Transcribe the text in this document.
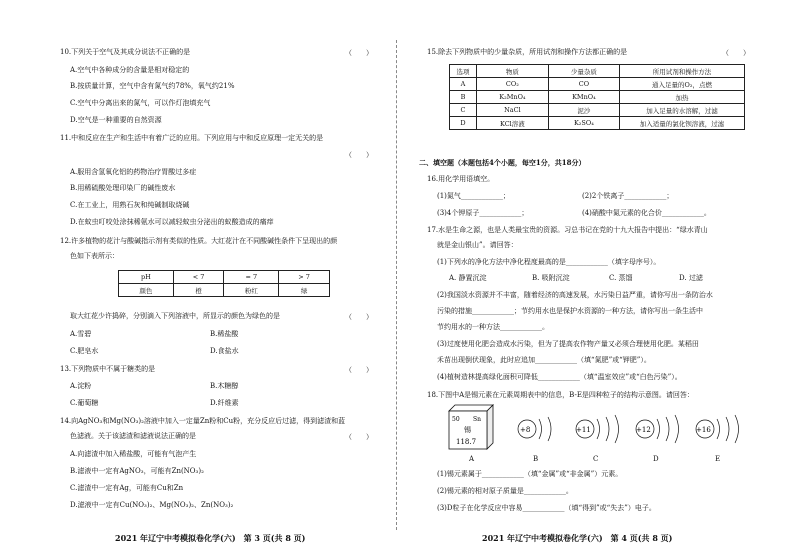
10.下列关于空气及其成分说法不正确的是	（　　）
A.空气中各种成分的含量是相对稳定的
B.按质量计算，空气中含有氮气约78%，氧气约21%
C.空气中分离出来的氮气，可以作灯泡填充气
D.空气是一种重要的自然资源
11.中和反应在生产和生活中有着广泛的应用。下列应用与中和反应原理一定无关的是
（　　）
A.服用含氢氧化铝的药物治疗胃酸过多症
B.用稀硫酸处理印染厂的碱性废水
C.在工业上，用熟石灰和纯碱制取烧碱
D.在蚊虫叮咬处涂抹稀氨水可以减轻蚊虫分泌出的蚁酸造成的痛痒
12.许多植物的花汁与酸碱指示剂有类似的性质。大红花汁在不同酸碱性条件下呈现出的颜
色如下表所示：
pH	< 7	= 7	> 7
颜色	橙	粉红	绿
取大红花少许捣碎，分别滴入下列溶液中，所显示的颜色为绿色的是	（　　）
A.雪碧	B.稀盐酸
C.肥皂水	D.食盐水
13.下列物质中不属于糖类的是	（　　）
A.淀粉	B.木糖醇
C.葡萄糖	D.纤维素
14.向AgNO₃和Mg(NO₃)₂溶液中加入一定量Zn粉和Cu粉，充分反应后过滤，得到滤渣和蓝
色滤液。关于该滤渣和滤液说法正确的是	（　　）
A.向滤渣中加入稀盐酸，可能有气泡产生
B.滤液中一定有AgNO₃，可能有Zn(NO₃)₂
C.滤渣中一定有Ag，可能有Cu和Zn
D.滤液中一定有Cu(NO₃)₂、Mg(NO₃)₂、Zn(NO₃)₂
2021 年辽宁中考模拟卷化学(六)　第 3 页(共 8 页)
15.除去下列物质中的少量杂质，所用试剂和操作方法都正确的是	（　　）
选项	物质	少量杂质	所用试剂和操作方法
A	CO₂	CO	通入足量的O₂，点燃
B	K₂MnO₄	KMnO₄	加热
C	NaCl	泥沙	加入足量的水溶解，过滤
D	KCl溶液	K₂SO₄	加入适量的氯化钡溶液，过滤
二、填空题（本题包括4个小题，每空1分，共18分）
16.用化学用语填空。
(1)氮气____________；	(2)2个铁离子____________；
(3)4个钾原子____________；	(4)硝酸中氮元素的化合价____________。
17.水是生命之源，也是人类最宝贵的资源。习总书记在党的十九大报告中提出：“绿水青山
就是金山银山”。请回答：
(1)下列水的净化方法中净化程度最高的是____________（填字母序号）。
A. 静置沉淀	B. 吸附沉淀	C. 蒸馏	D. 过滤
(2)我国淡水资源并不丰富，随着经济的高速发展，水污染日益严重，请你写出一条防治水
污染的措施____________；节约用水也是保护水资源的一种方法，请你写出一条生活中
节约用水的一种方法____________。
(3)过度使用化肥会造成水污染，但为了提高农作物产量又必须合理使用化肥。某稻田
禾苗出现倒伏现象，此时应追加____________（填“氮肥”或“钾肥”）。
(4)植树造林提高绿化面积可降低____________（填“温室效应”或“白色污染”）。
18.下图中A是锡元素在元素周期表中的信息，B-E是四种粒子的结构示意图。请回答：
50 Sn
锡
118.7
+8	+11	+12	+16
A	B	C	D	E
(1)锡元素属于____________（填“金属”或“非金属”）元素。
(2)锡元素的相对原子质量是____________。
(3)D粒子在化学反应中容易____________（填“得到”或“失去”）电子。
2021 年辽宁中考模拟卷化学(六)　第 4 页(共 8 页)
